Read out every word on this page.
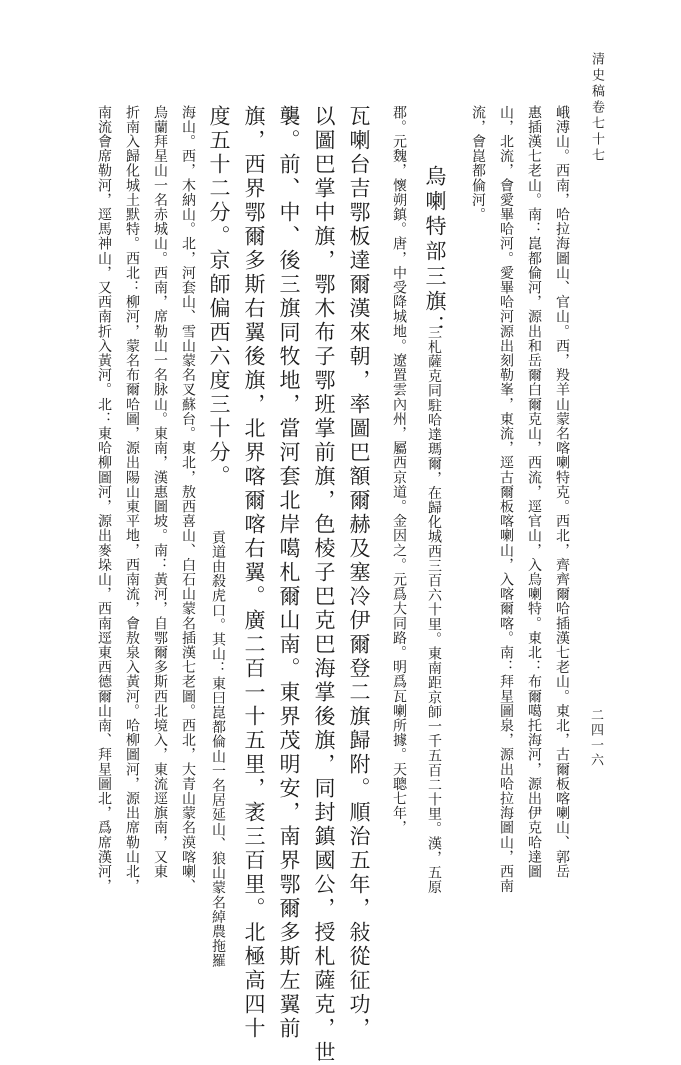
清史稿卷七十七
二四一六
峨溥山。西南，哈拉海圖山、官山。西，羖羊山蒙名喀喇特克。西北，齊齊爾哈插漢七老山。東北，古爾板喀喇山、郭岳
惠插漢七老山。南：崑都倫河，源出和岳爾白爾克山，西流，逕官山，入烏喇特。東北：布爾噶托海河，源出伊克哈達圖
山，北流，會愛畢哈河。愛畢哈河源出刻勒峯，東流，逕古爾板喀喇山，入喀爾喀。南：拜星圖泉，源出哈拉海圖山，西南
流，會崑都倫河。
烏喇特部三旗：
三札薩克同駐哈達瑪爾，在歸化城西三百六十里。東南距京師一千五百二十里。漢，五原
郡。元魏，懷朔鎮。唐，中受降城地。遼置雲內州，屬西京道。金因之。元爲大同路。明爲瓦喇所據。天聰七年，
瓦喇台吉鄂板達爾漢來朝，率圖巴額爾赫及塞冷伊爾登二旗歸附。順治五年，敍從征功，
以圖巴掌中旗，鄂木布子鄂班掌前旗，色棱子巴克巴海掌後旗，同封鎮國公，授札薩克，世
襲。前、中、後三旗同牧地，當河套北岸噶札爾山南。東界茂明安，南界鄂爾多斯左翼前
旗，西界鄂爾多斯右翼後旗，北界喀爾喀右翼。廣二百一十五里，袤三百里。北極高四十
度五十二分。京師偏西六度三十分。
貢道由殺虎口。其山：東曰崑都倫山一名居延山、狼山蒙名綽農拖羅
海山。西，木納山。北，河套山、雪山蒙名叉蘇台。東北，敖西喜山、白石山蒙名插漢七老圖。西北，大青山蒙名漠喀喇、
烏蘭拜星山一名赤城山。西南，席勒山一名脉山。東南，漢惠圖坡。南：黃河，自鄂爾多斯西北境入，東流逕旗南，又東
折南入歸化城土默特。西北：柳河，蒙名布爾哈圖，源出陽山東平地，西南流，會敖泉入黃河。哈柳圖河，源出席勒山北，
南流會席勒河，逕馬神山，又西南折入黃河。北：東哈柳圖河，源出麥垛山，西南逕東西德爾山南、拜星圖北，爲席漢河，
